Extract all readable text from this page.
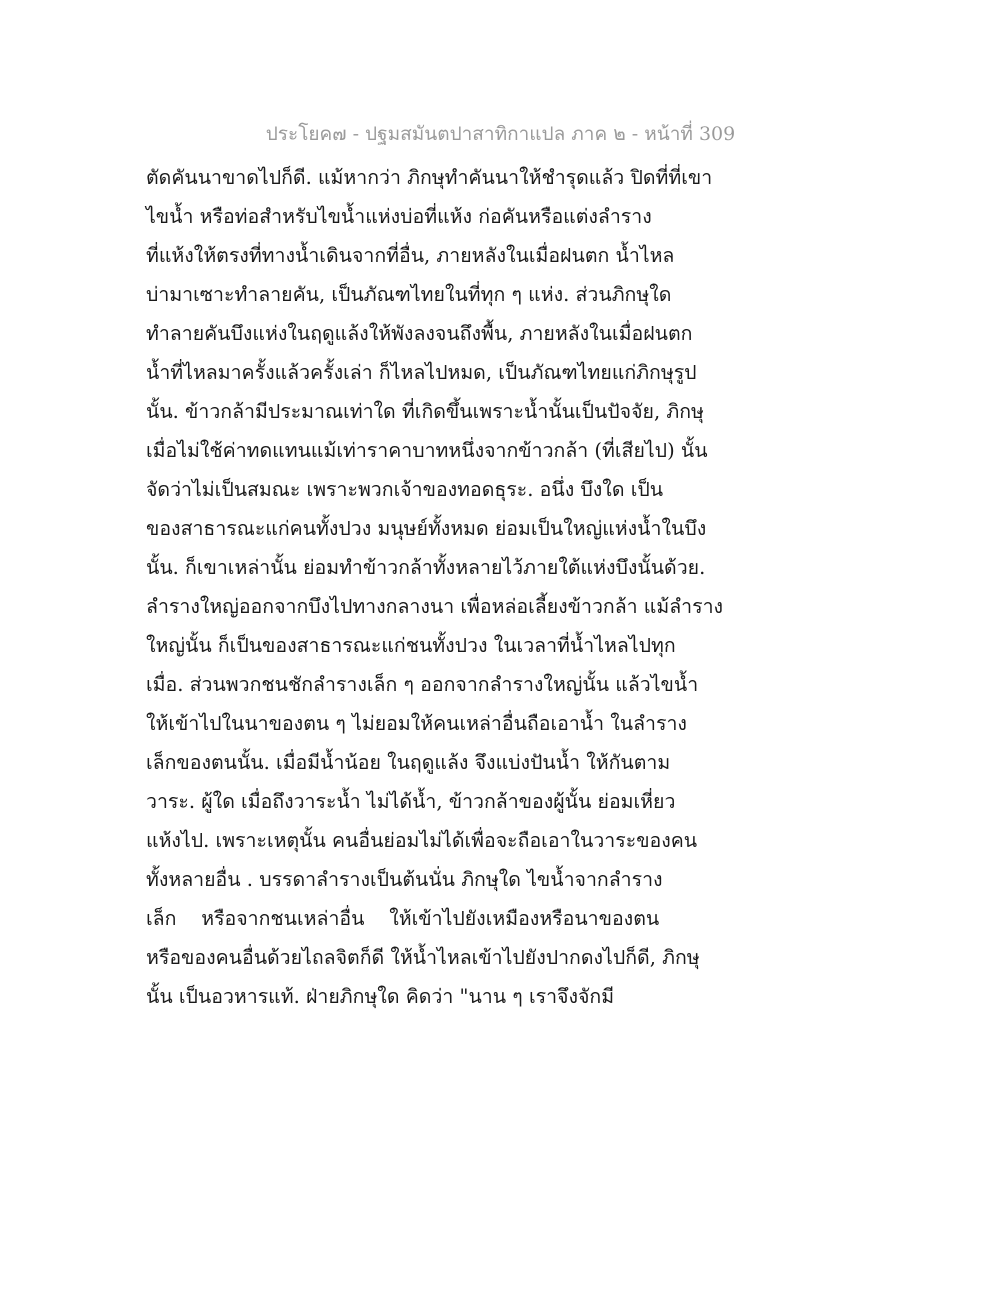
ประโยค๗ - ปฐมสมันตปาสาทิกาแปล ภาค ๒ - หน้าที่ 309
ตัดคันนาขาดไปก็ดี. แม้หากว่า ภิกษุทำคันนาให้ชำรุดแล้ว ปิดที่ที่เขา
ไขน้ำ หรือท่อสำหรับไขน้ำแห่งบ่อที่แห้ง ก่อคันหรือแต่งลำราง
ที่แห้งให้ตรงที่ทางน้ำเดินจากที่อื่น, ภายหลังในเมื่อฝนตก น้ำไหล
บ่ามาเซาะทำลายคัน, เป็นภัณฑไทยในที่ทุก ๆ แห่ง. ส่วนภิกษุใด
ทำลายคันบึงแห่งในฤดูแล้งให้พังลงจนถึงพื้น, ภายหลังในเมื่อฝนตก
น้ำที่ไหลมาครั้งแล้วครั้งเล่า ก็ไหลไปหมด, เป็นภัณฑไทยแก่ภิกษุรูป
นั้น. ข้าวกล้ามีประมาณเท่าใด ที่เกิดขึ้นเพราะน้ำนั้นเป็นปัจจัย, ภิกษุ
เมื่อไม่ใช้ค่าทดแทนแม้เท่าราคาบาทหนึ่งจากข้าวกล้า (ที่เสียไป) นั้น
จัดว่าไม่เป็นสมณะ เพราะพวกเจ้าของทอดธุระ. อนึ่ง บึงใด เป็น
ของสาธารณะแก่คนทั้งปวง มนุษย์ทั้งหมด ย่อมเป็นใหญ่แห่งน้ำในบึง
นั้น. ก็เขาเหล่านั้น ย่อมทำข้าวกล้าทั้งหลายไว้ภายใต้แห่งบึงนั้นด้วย.
ลำรางใหญ่ออกจากบึงไปทางกลางนา เพื่อหล่อเลี้ยงข้าวกล้า แม้ลำราง
ใหญ่นั้น ก็เป็นของสาธารณะแก่ชนทั้งปวง ในเวลาที่น้ำไหลไปทุก
เมื่อ. ส่วนพวกชนชักลำรางเล็ก ๆ ออกจากลำรางใหญ่นั้น แล้วไขน้ำ
ให้เข้าไปในนาของตน ๆ ไม่ยอมให้คนเหล่าอื่นถือเอาน้ำ ในลำราง
เล็กของตนนั้น. เมื่อมีน้ำน้อย ในฤดูแล้ง จึงแบ่งปันน้ำ ให้กันตาม
วาระ. ผู้ใด เมื่อถึงวาระน้ำ ไม่ได้น้ำ, ข้าวกล้าของผู้นั้น ย่อมเหี่ยว
แห้งไป. เพราะเหตุนั้น คนอื่นย่อมไม่ได้เพื่อจะถือเอาในวาระของคน
ทั้งหลายอื่น . บรรดาลำรางเป็นต้นนั่น ภิกษุใด ไขน้ำจากลำราง
เล็ก    หรือจากชนเหล่าอื่น    ให้เข้าไปยังเหมืองหรือนาของตน
หรือของคนอื่นด้วยไถลจิตก็ดี ให้น้ำไหลเข้าไปยังปากดงไปก็ดี, ภิกษุ
นั้น เป็นอวหารแท้. ฝ่ายภิกษุใด คิดว่า "นาน ๆ เราจึงจักมี
